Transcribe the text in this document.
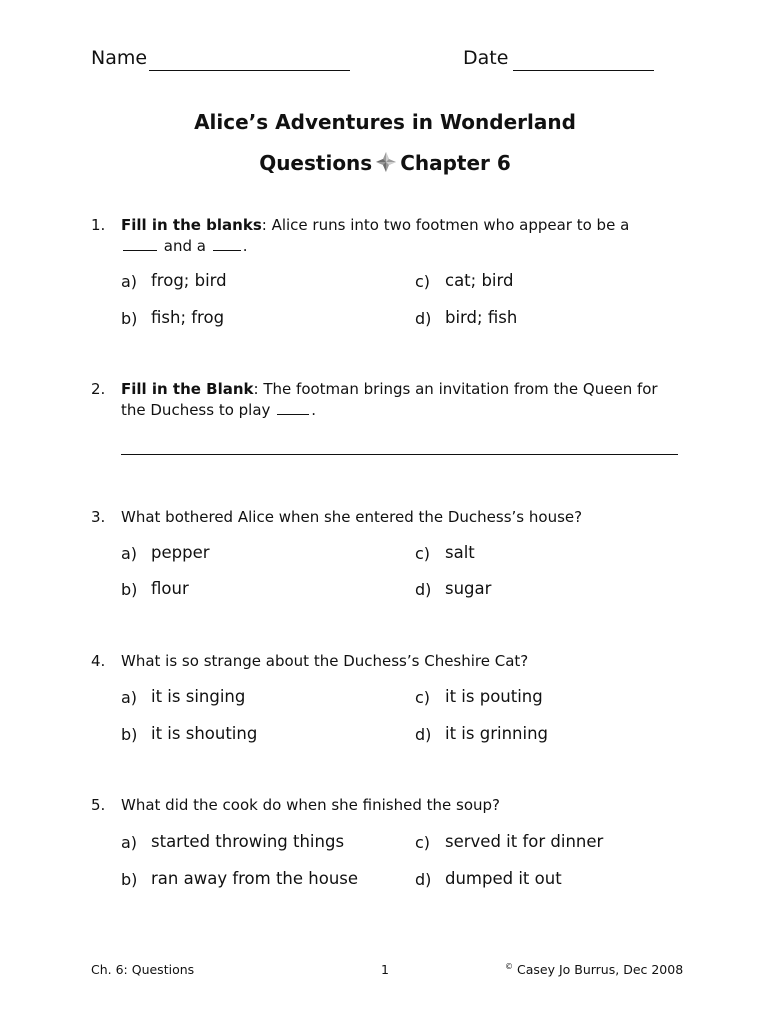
Name	Date
Alice’s Adventures in Wonderland
Questions Chapter 6
1. Fill in the blanks: Alice runs into two footmen who appear to be a
and a .
a) frog; bird
b) fish; frog
c) cat; bird
d) bird; fish
2. Fill in the Blank: The footman brings an invitation from the Queen for
the Duchess to play	.
3. What bothered Alice when she entered the Duchess’s house?
a) pepper
b) flour
c) salt
d) sugar
4. What is so strange about the Duchess’s Cheshire Cat?
a) it is singing
b) it is shouting
c) it is pouting
d) it is grinning
5. What did the cook do when she finished the soup?
a) started throwing things
b) ran away from the house
c) served it for dinner
d) dumped it out
Ch. 6: Questions	1	© Casey Jo Burrus, Dec 2008
